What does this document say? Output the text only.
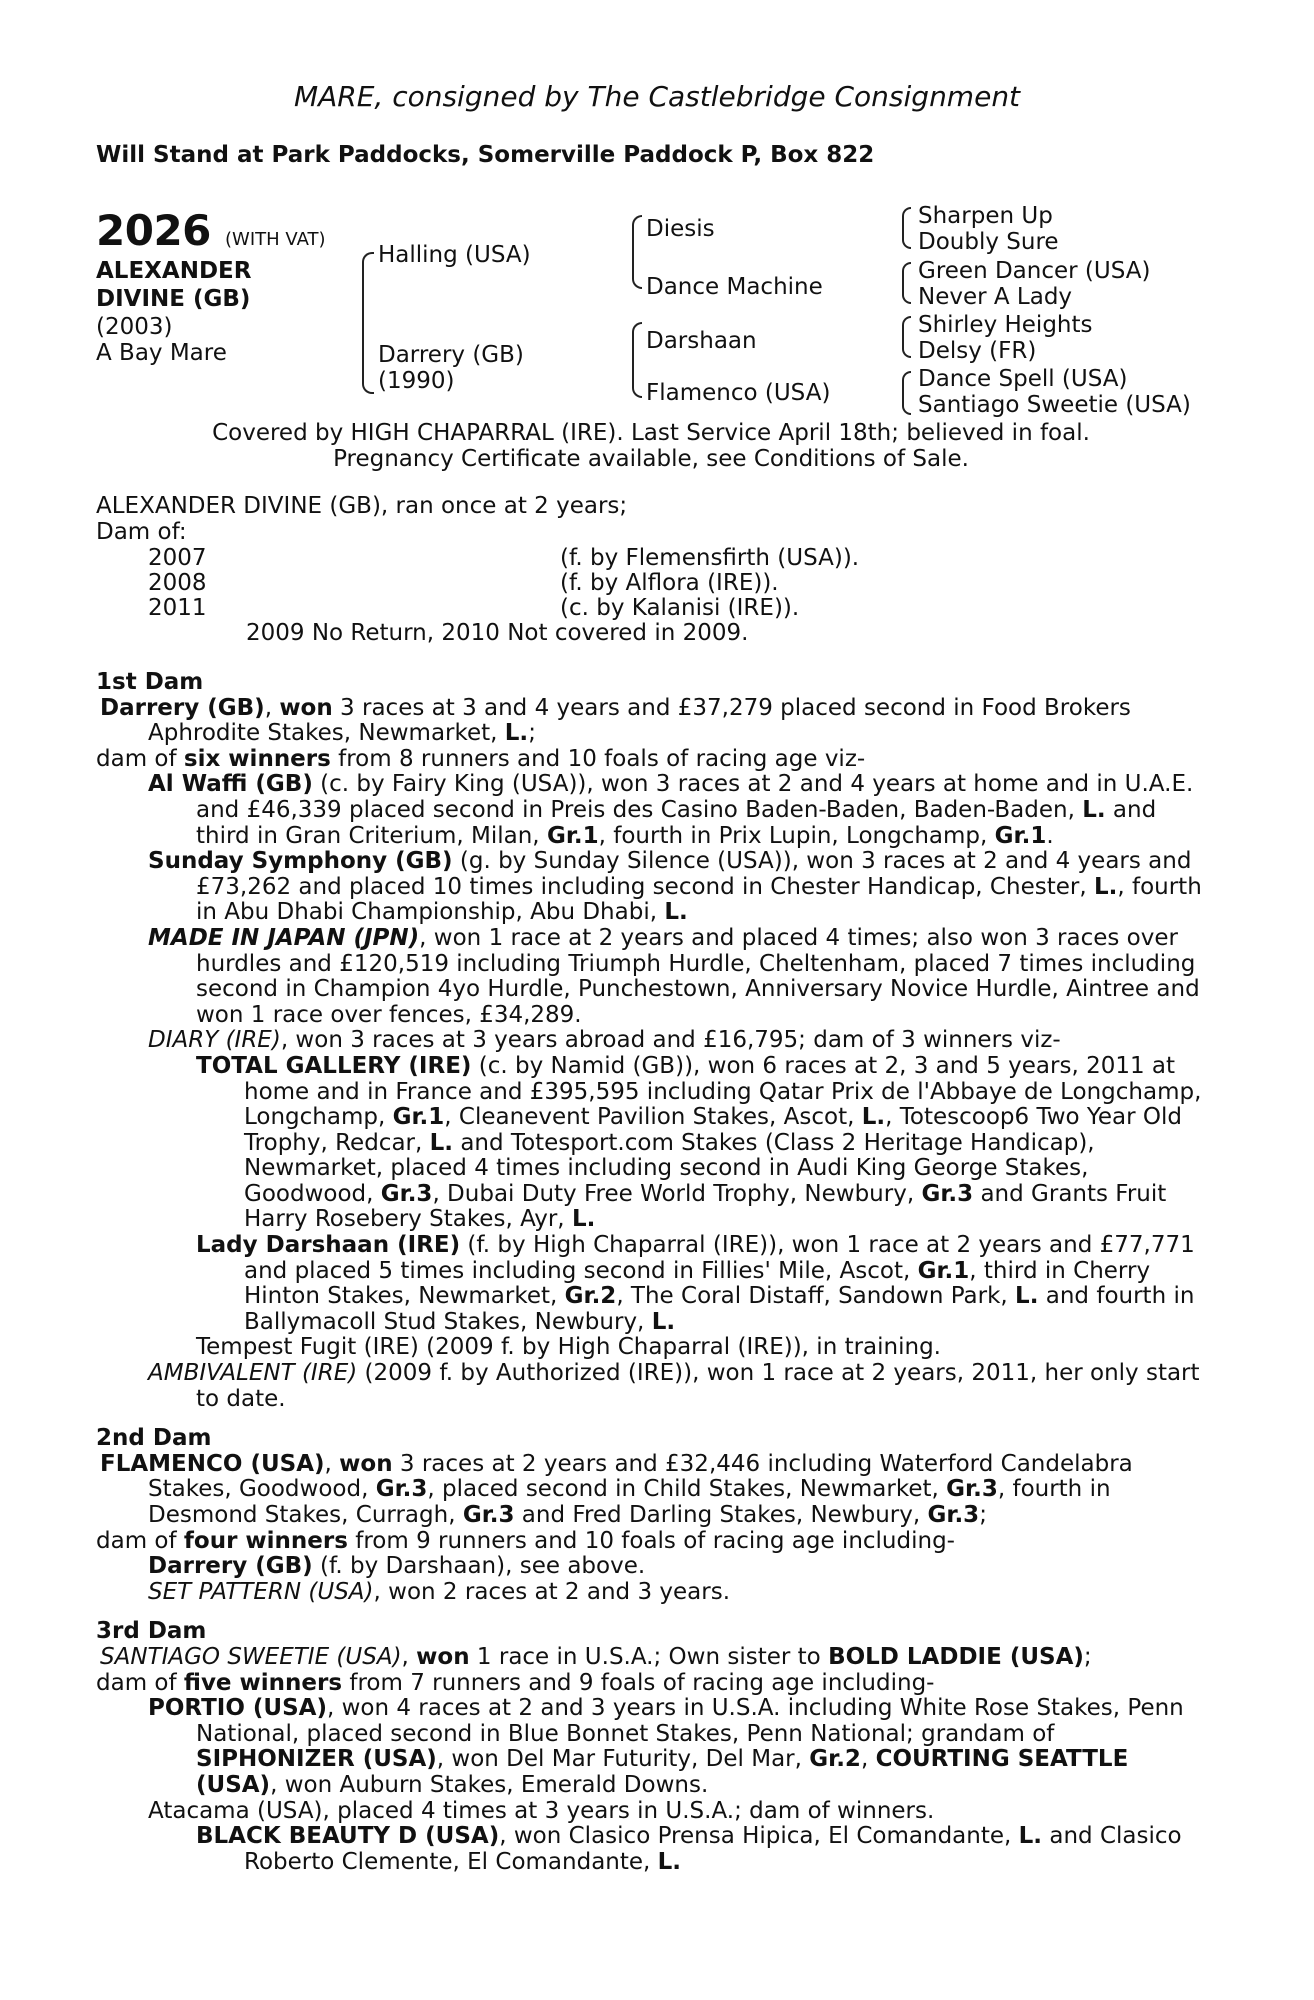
MARE, consigned by The Castlebridge Consignment
Will Stand at Park Paddocks, Somerville Paddock P, Box 822
2026 (WITH VAT)
ALEXANDER
DIVINE (GB)
(2003)
A Bay Mare
Halling (USA)
Darrery (GB)
(1990)
Diesis
Dance Machine
Darshaan
Flamenco (USA)
Sharpen Up
Doubly Sure
Green Dancer (USA)
Never A Lady
Shirley Heights
Delsy (FR)
Dance Spell (USA)
Santiago Sweetie (USA)
Covered by HIGH CHAPARRAL (IRE). Last Service April 18th; believed in foal.
Pregnancy Certificate available, see Conditions of Sale.

ALEXANDER DIVINE (GB), ran once at 2 years;

Dam of:

2007	(f. by Flemensfirth (USA)).
2008	(f. by Alflora (IRE)).
2011	(c. by Kalanisi (IRE)).
2009 No Return, 2010 Not covered in 2009.

1st Dam

Darrery (GB), won 3 races at 3 and 4 years and £37,279 placed second in Food Brokers Aphrodite Stakes, Newmarket, L.;

dam of six winners from 8 runners and 10 foals of racing age viz-

Al Waffi (GB) (c. by Fairy King (USA)), won 3 races at 2 and 4 years at home and in U.A.E. and £46,339 placed second in Preis des Casino Baden-Baden, Baden-Baden, L. and third in Gran Criterium, Milan, Gr.1, fourth in Prix Lupin, Longchamp, Gr.1.

Sunday Symphony (GB) (g. by Sunday Silence (USA)), won 3 races at 2 and 4 years and £73,262 and placed 10 times including second in Chester Handicap, Chester, L., fourth in Abu Dhabi Championship, Abu Dhabi, L.

MADE IN JAPAN (JPN), won 1 race at 2 years and placed 4 times; also won 3 races over hurdles and £120,519 including Triumph Hurdle, Cheltenham, placed 7 times including second in Champion 4yo Hurdle, Punchestown, Anniversary Novice Hurdle, Aintree and won 1 race over fences, £34,289.

DIARY (IRE), won 3 races at 3 years abroad and £16,795; dam of 3 winners viz-

TOTAL GALLERY (IRE) (c. by Namid (GB)), won 6 races at 2, 3 and 5 years, 2011 at home and in France and £395,595 including Qatar Prix de l'Abbaye de Longchamp, Longchamp, Gr.1, Cleanevent Pavilion Stakes, Ascot, L., Totescoop6 Two Year Old Trophy, Redcar, L. and Totesport.com Stakes (Class 2 Heritage Handicap), Newmarket, placed 4 times including second in Audi King George Stakes, Goodwood, Gr.3, Dubai Duty Free World Trophy, Newbury, Gr.3 and Grants Fruit Harry Rosebery Stakes, Ayr, L.

Lady Darshaan (IRE) (f. by High Chaparral (IRE)), won 1 race at 2 years and £77,771 and placed 5 times including second in Fillies' Mile, Ascot, Gr.1, third in Cherry Hinton Stakes, Newmarket, Gr.2, The Coral Distaff, Sandown Park, L. and fourth in Ballymacoll Stud Stakes, Newbury, L.

Tempest Fugit (IRE) (2009 f. by High Chaparral (IRE)), in training.

AMBIVALENT (IRE) (2009 f. by Authorized (IRE)), won 1 race at 2 years, 2011, her only start to date.

2nd Dam

FLAMENCO (USA), won 3 races at 2 years and £32,446 including Waterford Candelabra Stakes, Goodwood, Gr.3, placed second in Child Stakes, Newmarket, Gr.3, fourth in Desmond Stakes, Curragh, Gr.3 and Fred Darling Stakes, Newbury, Gr.3;

dam of four winners from 9 runners and 10 foals of racing age including-

Darrery (GB) (f. by Darshaan), see above.

SET PATTERN (USA), won 2 races at 2 and 3 years.

3rd Dam

SANTIAGO SWEETIE (USA), won 1 race in U.S.A.; Own sister to BOLD LADDIE (USA);

dam of five winners from 7 runners and 9 foals of racing age including-

PORTIO (USA), won 4 races at 2 and 3 years in U.S.A. including White Rose Stakes, Penn National, placed second in Blue Bonnet Stakes, Penn National; grandam of SIPHONIZER (USA), won Del Mar Futurity, Del Mar, Gr.2, COURTING SEATTLE (USA), won Auburn Stakes, Emerald Downs.

Atacama (USA), placed 4 times at 3 years in U.S.A.; dam of winners.

BLACK BEAUTY D (USA), won Clasico Prensa Hipica, El Comandante, L. and Clasico Roberto Clemente, El Comandante, L.
